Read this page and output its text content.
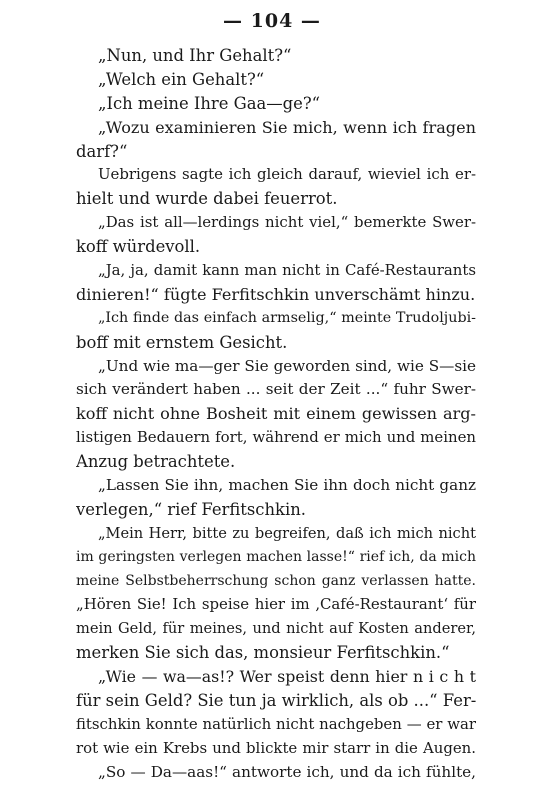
— 104 —
„Nun, und Ihr Gehalt?“
„Welch ein Gehalt?“
„Ich meine Ihre Gaa—ge?“
„Wozu examinieren Sie mich, wenn ich fragen
darf?“
Uebrigens sagte ich gleich darauf, wieviel ich er-
hielt und wurde dabei feuerrot.
„Das ist all—lerdings nicht viel,“ bemerkte Swer-
koff würdevoll.
„Ja, ja, damit kann man nicht in Café-Restaurants
dinieren!“ fügte Ferfitschkin unverschämt hinzu.
„Ich finde das einfach armselig,“ meinte Trudoljubi-
boff mit ernstem Gesicht.
„Und wie ma—ger Sie geworden sind, wie S—sie
sich verändert haben ... seit der Zeit ...“ fuhr Swer-
koff nicht ohne Bosheit mit einem gewissen arg-
listigen Bedauern fort, während er mich und meinen
Anzug betrachtete.
„Lassen Sie ihn, machen Sie ihn doch nicht ganz
verlegen,“ rief Ferfitschkin.
„Mein Herr, bitte zu begreifen, daß ich mich nicht
im geringsten verlegen machen lasse!“ rief ich, da mich
meine Selbstbeherrschung schon ganz verlassen hatte.
„Hören Sie! Ich speise hier im ‚Café-Restaurant‘ für
mein Geld, für meines, und nicht auf Kosten anderer,
merken Sie sich das, monsieur Ferfitschkin.“
„Wie — wa—as!? Wer speist denn hier n i c h t
für sein Geld? Sie tun ja wirklich, als ob ...“ Fer-
fitschkin konnte natürlich nicht nachgeben — er war
rot wie ein Krebs und blickte mir starr in die Augen.
„So — Da—aas!“ antworte ich, und da ich fühlte,
